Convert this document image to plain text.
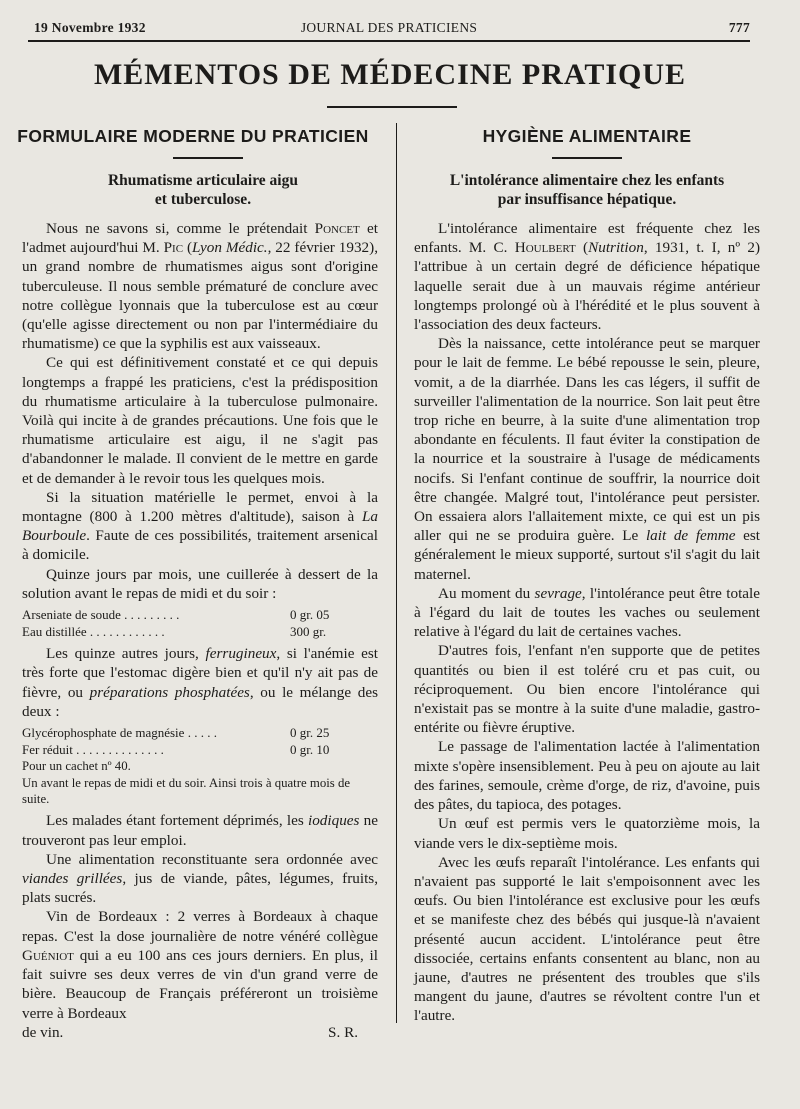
19 Novembre 1932	JOURNAL DES PRATICIENS	777
MÉMENTOS DE MÉDECINE PRATIQUE
FORMULAIRE MODERNE DU PRATICIEN
Rhumatisme articulaire aigu
et tuberculose.

Nous ne savons si, comme le prétendait Poncet et l'admet aujourd'hui M. Pic (Lyon Médic., 22 février 1932), un grand nombre de rhumatismes aigus sont d'origine tuberculeuse. Il nous semble prématuré de conclure avec notre collègue lyonnais que la tuberculose est au cœur (qu'elle agisse directement ou non par l'intermédiaire du rhumatisme) ce que la syphilis est aux vaisseaux.

Ce qui est définitivement constaté et ce qui depuis longtemps a frappé les praticiens, c'est la prédisposition du rhumatisme articulaire à la tuberculose pulmonaire. Voilà qui incite à de grandes précautions. Une fois que le rhumatisme articulaire est aigu, il ne s'agit pas d'abandonner le malade. Il convient de le mettre en garde et de demander à le revoir tous les quelques mois.

Si la situation matérielle le permet, envoi à la montagne (800 à 1.200 mètres d'altitude), saison à La Bourboule. Faute de ces possibilités, traitement arsenical à domicile.

Quinze jours par mois, une cuillerée à dessert de la solution avant le repas de midi et du soir :

Arseniate de soude . . . . . . . . .	0 gr. 05
Eau distillée . . . . . . . . . . . .	300 gr.

Les quinze autres jours, ferrugineux, si l'anémie est très forte que l'estomac digère bien et qu'il n'y ait pas de fièvre, ou préparations phosphatées, ou le mélange des deux :

Glycérophosphate de magnésie . . . . .	0 gr. 25
Fer réduit . . . . . . . . . . . . . .	0 gr. 10
Pour un cachet nº 40.
Un avant le repas de midi et du soir. Ainsi trois à quatre mois de suite.

Les malades étant fortement déprimés, les iodiques ne trouveront pas leur emploi.

Une alimentation reconstituante sera ordonnée avec viandes grillées, jus de viande, pâtes, légumes, fruits, plats sucrés.

Vin de Bordeaux : 2 verres à Bordeaux à chaque repas. C'est la dose journalière de notre vénéré collègue Guéniot qui a eu 100 ans ces jours derniers. En plus, il fait suivre ses deux verres de vin d'un grand verre de bière. Beaucoup de Français préféreront un troisième verre à Bordeaux

de vin.	S. R.

HYGIÈNE ALIMENTAIRE
L'intolérance alimentaire chez les enfants
par insuffisance hépatique.

L'intolérance alimentaire est fréquente chez les enfants. M. C. Houlbert (Nutrition, 1931, t. I, nº 2) l'attribue à un certain degré de déficience hépatique laquelle serait due à un mauvais régime antérieur longtemps prolongé où à l'hérédité et le plus souvent à l'association des deux facteurs.

Dès la naissance, cette intolérance peut se marquer pour le lait de femme. Le bébé repousse le sein, pleure, vomit, a de la diarrhée. Dans les cas légers, il suffit de surveiller l'alimentation de la nourrice. Son lait peut être trop riche en beurre, à la suite d'une alimentation trop abondante en féculents. Il faut éviter la constipation de la nourrice et la soustraire à l'usage de médicaments nocifs. Si l'enfant continue de souffrir, la nourrice doit être changée. Malgré tout, l'intolérance peut persister. On essaiera alors l'allaitement mixte, ce qui est un pis aller qui ne se produira guère. Le lait de femme est généralement le mieux supporté, surtout s'il s'agit du lait maternel.

Au moment du sevrage, l'intolérance peut être totale à l'égard du lait de toutes les vaches ou seulement relative à l'égard du lait de certaines vaches.

D'autres fois, l'enfant n'en supporte que de petites quantités ou bien il est toléré cru et pas cuit, ou réciproquement. Ou bien encore l'intolérance qui n'existait pas se montre à la suite d'une maladie, gastro-entérite ou fièvre éruptive.

Le passage de l'alimentation lactée à l'alimentation mixte s'opère insensiblement. Peu à peu on ajoute au lait des farines, semoule, crème d'orge, de riz, d'avoine, puis des pâtes, du tapioca, des potages.

Un œuf est permis vers le quatorzième mois, la viande vers le dix-septième mois.

Avec les œufs reparaît l'intolérance. Les enfants qui n'avaient pas supporté le lait s'empoisonnent avec les œufs. Ou bien l'intolérance est exclusive pour les œufs et se manifeste chez des bébés qui jusque-là n'avaient présenté aucun accident. L'intolérance peut être dissociée, certains enfants consentent au blanc, non au jaune, d'autres ne présentent des troubles que s'ils mangent du jaune, d'autres se révoltent contre l'un et l'autre.
